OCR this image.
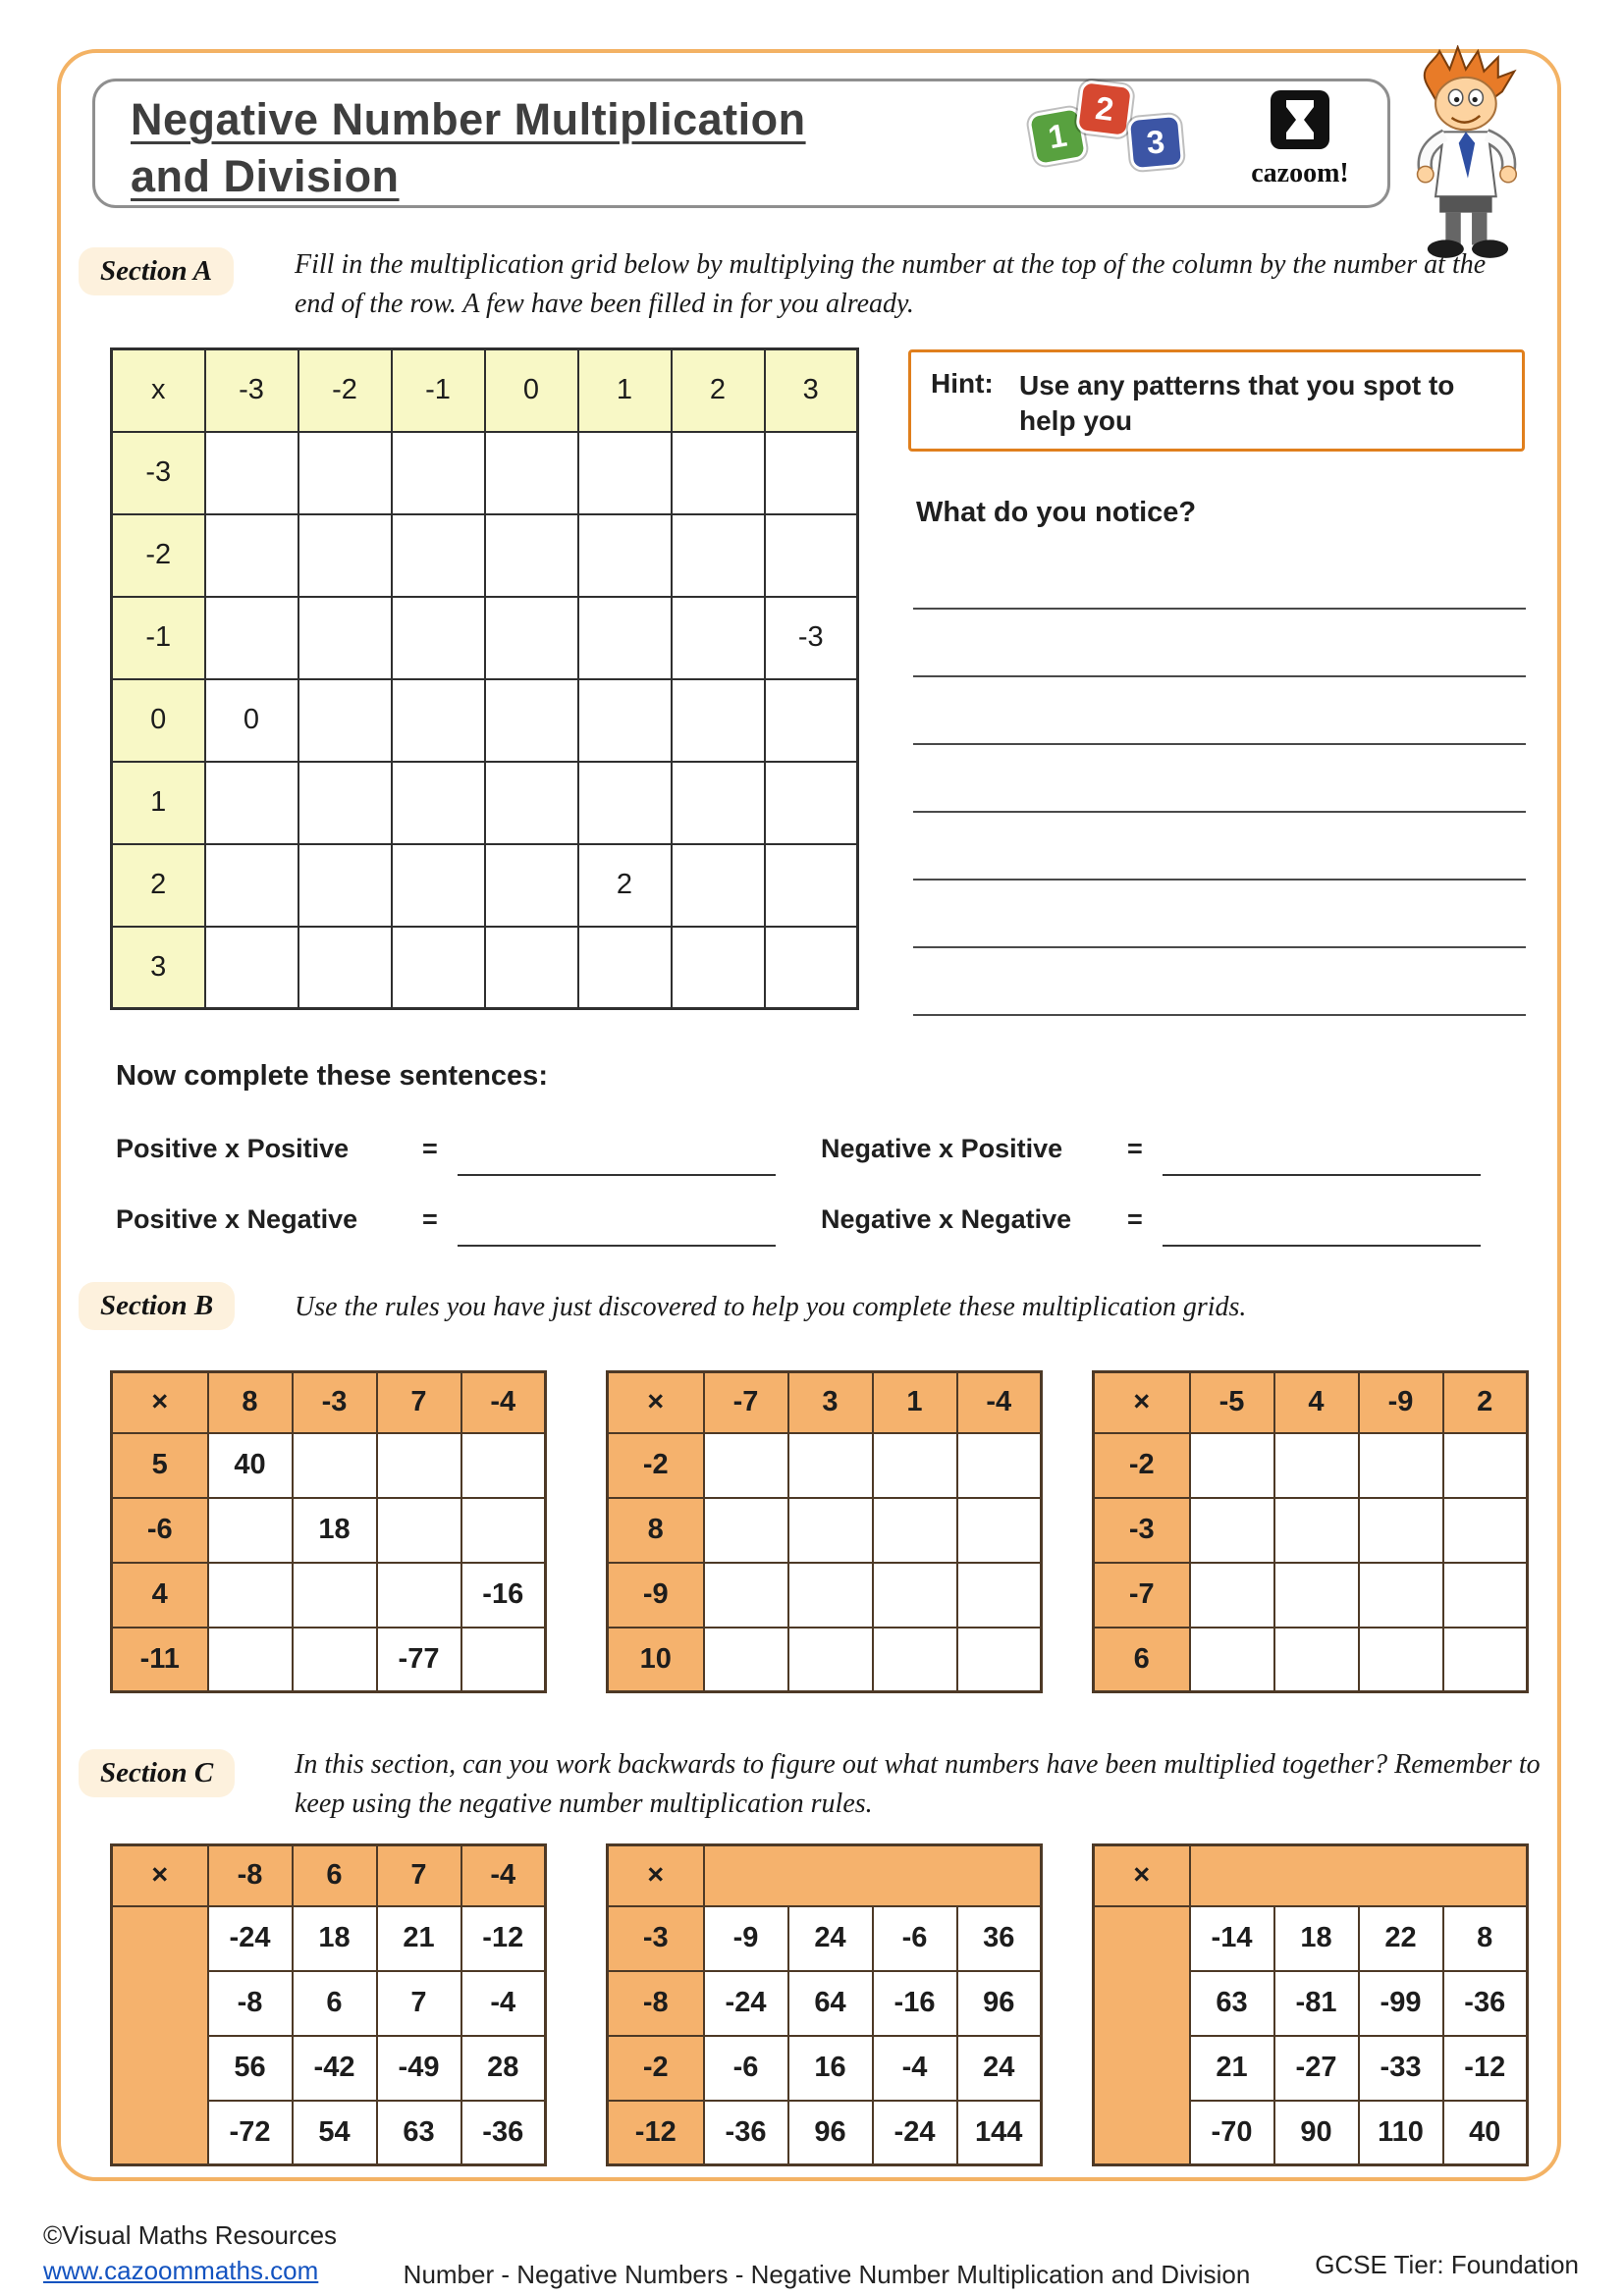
Negative Number Multiplication
and Division
1
2
3
cazoom!
Section A	Fill in the multiplication grid below by multiplying the number at the top of the column by the number at the end of the row. A few have been filled in for you already.
x	-3	-2	-1	0	1	2	3
-3							
-2							
-1							-3
0	0						
1							
2					2		
3							
Hint: Use any patterns that you spot to help you
What do you notice?
Now complete these sentences:
Positive x Positive	=	Negative x Positive	=
Positive x Negative	=	Negative x Negative	=
Section B	Use the rules you have just discovered to help you complete these multiplication grids.
×	8	-3	7	-4
5	40			
-6		18		
4				-16
-11			-77	
×	-7	3	1	-4
-2				
8				
-9				
10				
×	-5	4	-9	2
-2				
-3				
-7				
6				
Section C	In this section, can you work backwards to figure out what numbers have been multiplied together? Remember to keep using the negative number multiplication rules.
×	-8	6	7	-4
	-24	18	21	-12
	-8	6	7	-4
	56	-42	-49	28
	-72	54	63	-36
×				
-3	-9	24	-6	36
-8	-24	64	-16	96
-2	-6	16	-4	24
-12	-36	96	-24	144
×				
	-14	18	22	8
	63	-81	-99	-36
	21	-27	-33	-12
	-70	90	110	40
©Visual Maths Resources
www.cazoommaths.com	Number - Negative Numbers - Negative Number Multiplication and Division	GCSE Tier: Foundation
